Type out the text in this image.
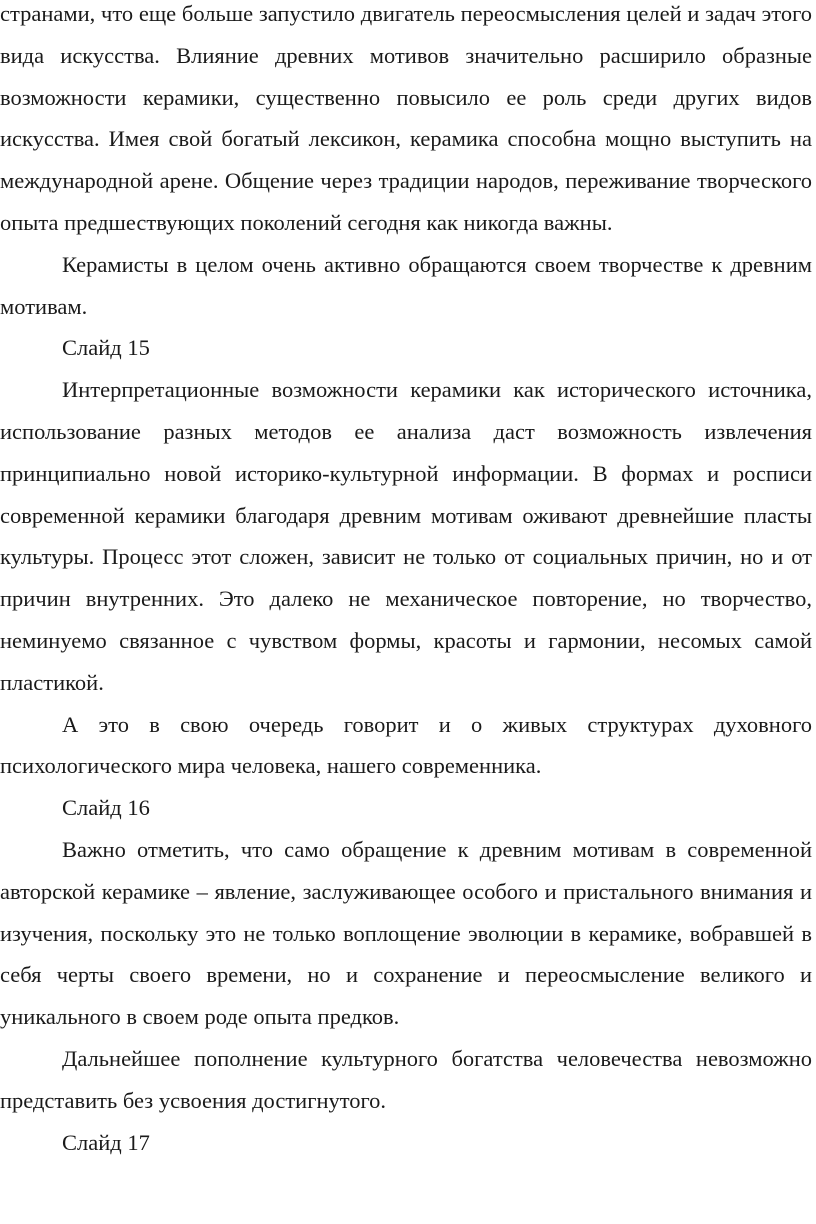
странами, что еще больше запустило двигатель переосмысления целей и задач этого вида искусства. Влияние древних мотивов значительно расширило образные возможности керамики, существенно повысило ее роль среди других видов искусства. Имея свой богатый лексикон, керамика способна мощно выступить на международной арене. Общение через традиции народов, переживание творческого опыта предшествующих поколений сегодня как никогда важны.

Керамисты в целом очень активно обращаются своем творчестве к древним мотивам.

Слайд 15

Интерпретационные возможности керамики как исторического источника, использование разных методов ее анализа даст возможность извлечения принципиально новой историко-культурной информации. В формах и росписи современной керамики благодаря древним мотивам оживают древнейшие пласты культуры. Процесс этот сложен, зависит не только от социальных причин, но и от причин внутренних. Это далеко не механическое повторение, но творчество, неминуемо связанное с чувством формы, красоты и гармонии, несомых самой пластикой.

А это в свою очередь говорит и о живых структурах духовного психологического мира человека, нашего современника.

Слайд 16

Важно отметить, что само обращение к древним мотивам в современной авторской керамике – явление, заслуживающее особого и пристального внимания и изучения, поскольку это не только воплощение эволюции в керамике, вобравшей в себя черты своего времени, но и сохранение и переосмысление великого и уникального в своем роде опыта предков.

Дальнейшее пополнение культурного богатства человечества невозможно представить без усвоения достигнутого.

Слайд 17
